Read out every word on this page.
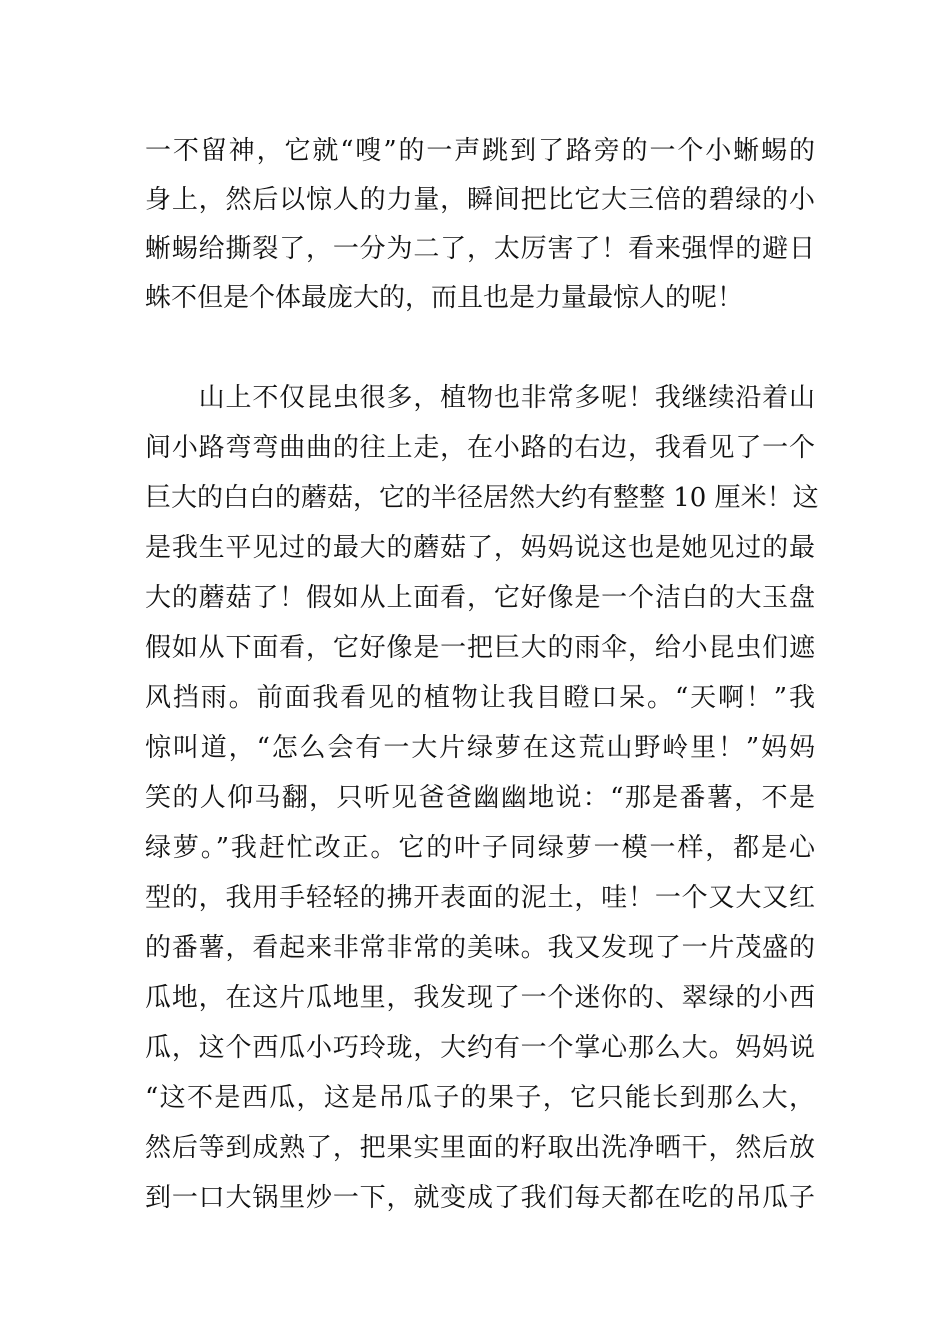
一不留神，它就“嗖”的一声跳到了路旁的一个小蜥蜴的
身上，然后以惊人的力量，瞬间把比它大三倍的碧绿的小
蜥蜴给撕裂了，一分为二了，太厉害了！看来强悍的避日
蛛不但是个体最庞大的，而且也是力量最惊人的呢！
　　山上不仅昆虫很多，植物也非常多呢！我继续沿着山
间小路弯弯曲曲的往上走，在小路的右边，我看见了一个
巨大的白白的蘑菇，它的半径居然大约有整整 10 厘米！这
是我生平见过的最大的蘑菇了，妈妈说这也是她见过的最
大的蘑菇了！假如从上面看，它好像是一个洁白的大玉盘
假如从下面看，它好像是一把巨大的雨伞，给小昆虫们遮
风挡雨。前面我看见的植物让我目瞪口呆。“天啊！”我
惊叫道，“怎么会有一大片绿萝在这荒山野岭里！”妈妈
笑的人仰马翻，只听见爸爸幽幽地说：“那是番薯，不是
绿萝。”我赶忙改正。它的叶子同绿萝一模一样，都是心
型的，我用手轻轻的拂开表面的泥土，哇！一个又大又红
的番薯，看起来非常非常的美味。我又发现了一片茂盛的
瓜地，在这片瓜地里，我发现了一个迷你的、翠绿的小西
瓜，这个西瓜小巧玲珑，大约有一个掌心那么大。妈妈说
“这不是西瓜，这是吊瓜子的果子，它只能长到那么大，
然后等到成熟了，把果实里面的籽取出洗净晒干，然后放
到一口大锅里炒一下，就变成了我们每天都在吃的吊瓜子
